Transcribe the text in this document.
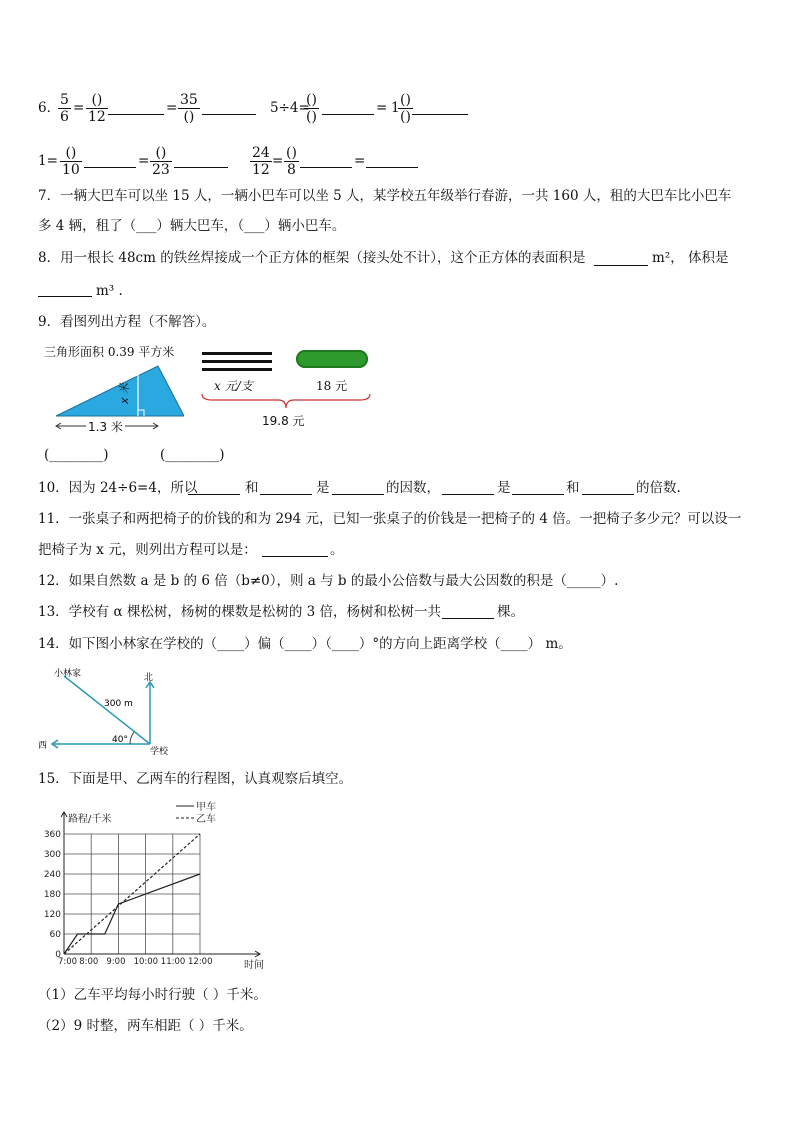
6．
$\frac{5}{6}$ = ()
12
= 35
()
5÷4=
()
()
= 1 ()
()
1= ()
10
= ()
23	$\frac{24}{12}$ = ()
8
=
7．一辆大巴车可以坐 15 人，一辆小巴车可以坐 5 人，某学校五年级举行春游，一共 160 人，租的大巴车比小巴车
多 4 辆，租了（___）辆大巴车，（___）辆小巴车。
8．用一根长 48cm 的铁丝焊接成一个正方体的框架（接头处不计），这个正方体的表面积是	m²， 体积是
m³ .
9．看图列出方程（不解答）。
三角形面积 0.39 平方米
x 米
1.3 米
x 元/支	18 元
19.8 元
(________)	(________)
10．因为 24÷6=4，所以	和	是	的因数，	是	和	的倍数.
11．一张桌子和两把椅子的价钱的和为 294 元，已知一张桌子的价钱是一把椅子的 4 倍。一把椅子多少元？可以设一
把椅子为 x 元，则列出方程可以是：	。
12．如果自然数 a 是 b 的 6 倍（b≠0），则 a 与 b 的最小公倍数与最大公因数的积是（_____）.
13．学校有 α 棵松树，杨树的棵数是松树的 3 倍，杨树和松树一共	棵。
14．如下图小林家在学校的（____）偏（____）（____）°的方向上距离学校（____） m。
小林家	北
西
学校
300 m
40°
15．下面是甲、乙两车的行程图，认真观察后填空。
0
60
120
180
240
300
360
7:00 8:00 9:00 10:00 11:00 12:00
路程/千米
时间
甲车
乙车
（1）乙车平均每小时行驶（ ）千米。
（2）9 时整，两车相距（ ）千米。
